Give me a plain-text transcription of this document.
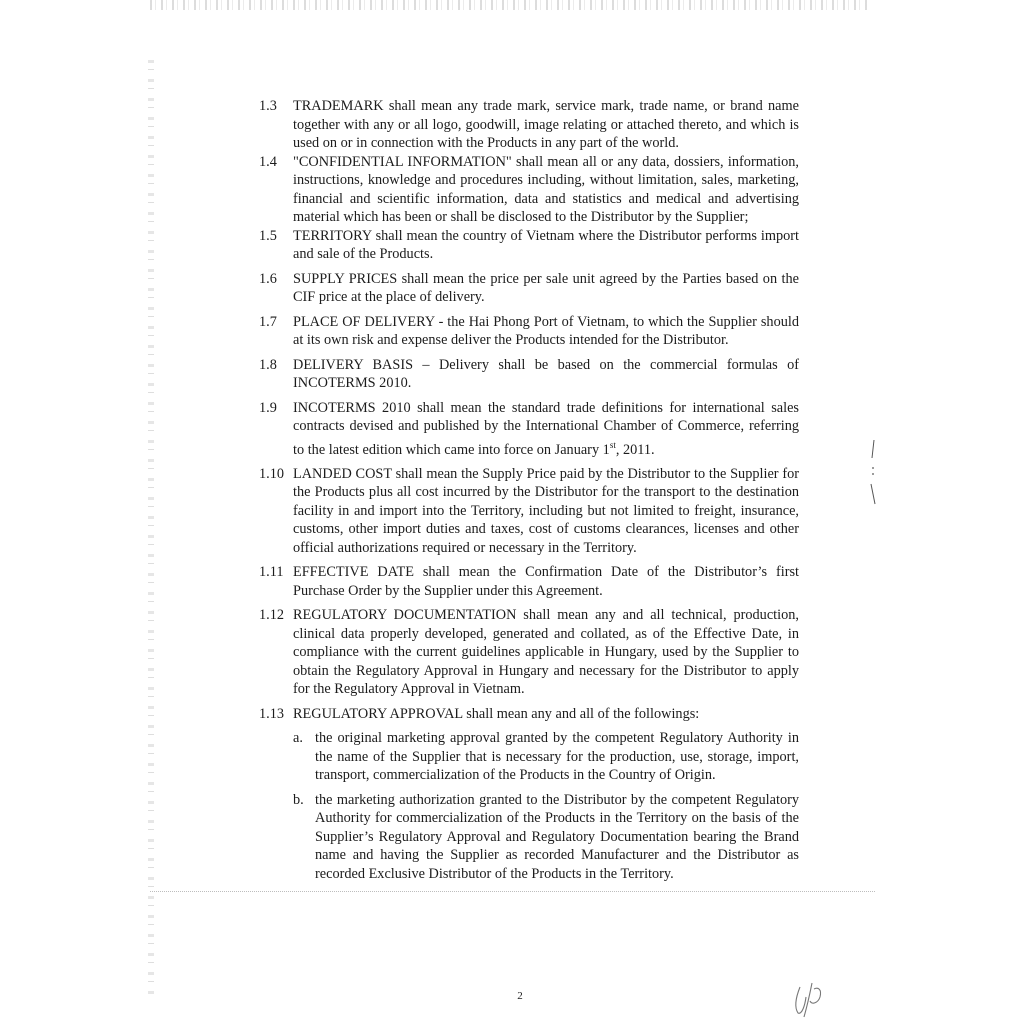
1.3 TRADEMARK shall mean any trade mark, service mark, trade name, or brand name together with any or all logo, goodwill, image relating or attached thereto, and which is used on or in connection with the Products in any part of the world.
1.4 "CONFIDENTIAL INFORMATION" shall mean all or any data, dossiers, information, instructions, knowledge and procedures including, without limitation, sales, marketing, financial and scientific information, data and statistics and medical and advertising material which has been or shall be disclosed to the Distributor by the Supplier;
1.5 TERRITORY shall mean the country of Vietnam where the Distributor performs import and sale of the Products.
1.6 SUPPLY PRICES shall mean the price per sale unit agreed by the Parties based on the CIF price at the place of delivery.
1.7 PLACE OF DELIVERY - the Hai Phong Port of Vietnam, to which the Supplier should at its own risk and expense deliver the Products intended for the Distributor.
1.8 DELIVERY BASIS – Delivery shall be based on the commercial formulas of INCOTERMS 2010.
1.9 INCOTERMS 2010 shall mean the standard trade definitions for international sales contracts devised and published by the International Chamber of Commerce, referring to the latest edition which came into force on January 1st, 2011.
1.10 LANDED COST shall mean the Supply Price paid by the Distributor to the Supplier for the Products plus all cost incurred by the Distributor for the transport to the destination facility in and import into the Territory, including but not limited to freight, insurance, customs, other import duties and taxes, cost of customs clearances, licenses and other official authorizations required or necessary in the Territory.
1.11 EFFECTIVE DATE shall mean the Confirmation Date of the Distributor’s first Purchase Order by the Supplier under this Agreement.
1.12 REGULATORY DOCUMENTATION shall mean any and all technical, production, clinical data properly developed, generated and collated, as of the Effective Date, in compliance with the current guidelines applicable in Hungary, used by the Supplier to obtain the Regulatory Approval in Hungary and necessary for the Distributor to apply for the Regulatory Approval in Vietnam.
1.13 REGULATORY APPROVAL shall mean any and all of the followings:
a. the original marketing approval granted by the competent Regulatory Authority in the name of the Supplier that is necessary for the production, use, storage, import, transport, commercialization of the Products in the Country of Origin.
b. the marketing authorization granted to the Distributor by the competent Regulatory Authority for commercialization of the Products in the Territory on the basis of the Supplier’s Regulatory Approval and Regulatory Documentation bearing the Brand name and having the Supplier as recorded Manufacturer and the Distributor as recorded Exclusive Distributor of the Products in the Territory.
2
